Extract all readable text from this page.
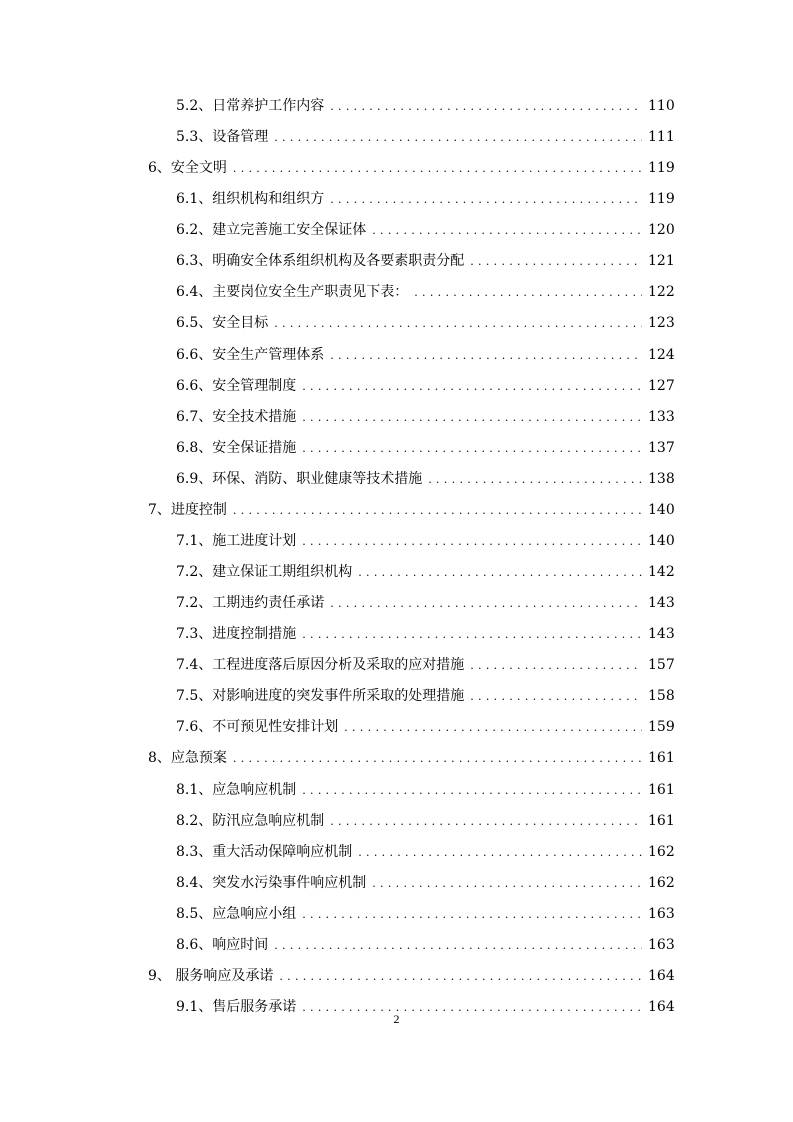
5.2、日常养护工作内容 . . .	110
5.3、设备管理 . . .	111
6、安全文明 . . .	119
6.1、组织机构和组织方 . . .	119
6.2、建立完善施工安全保证体 . . .	120
6.3、明确安全体系组织机构及各要素职责分配 . . .	121
6.4、主要岗位安全生产职责见下表： . . .	122
6.5、安全目标 . . .	123
6.6、安全生产管理体系 . . .	124
6.6、安全管理制度 . . .	127
6.7、安全技术措施 . . .	133
6.8、安全保证措施 . . .	137
6.9、环保、消防、职业健康等技术措施 . . .	138
7、进度控制 . . .	140
7.1、施工进度计划 . . .	140
7.2、建立保证工期组织机构 . . .	142
7.2、工期违约责任承诺 . . .	143
7.3、进度控制措施 . . .	143
7.4、工程进度落后原因分析及采取的应对措施 . . .	157
7.5、对影响进度的突发事件所采取的处理措施 . . .	158
7.6、不可预见性安排计划 . . .	159
8、应急预案 . . .	161
8.1、应急响应机制 . . .	161
8.2、防汛应急响应机制 . . .	161
8.3、重大活动保障响应机制 . . .	162
8.4、突发水污染事件响应机制 . . .	162
8.5、应急响应小组 . . .	163
8.6、响应时间 . . .	163
9、 服务响应及承诺 . . .	164
9.1、售后服务承诺 . . .	164
2
